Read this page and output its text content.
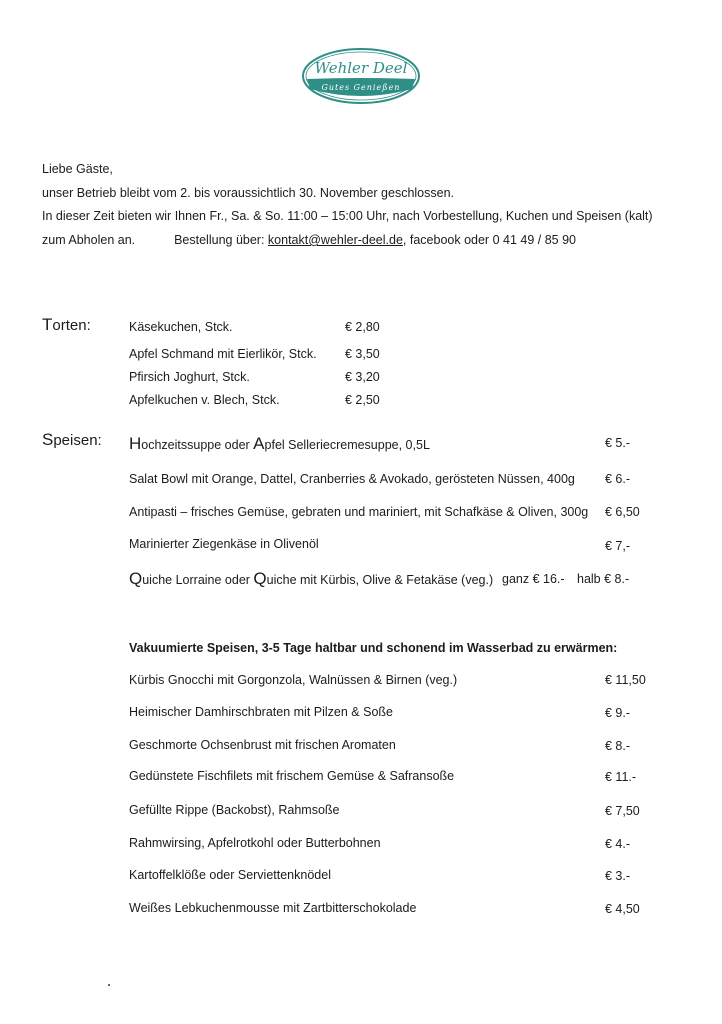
Wehler Deel
Gutes Genießen
Liebe Gäste,
unser Betrieb bleibt vom 2. bis voraussichtlich 30. November geschlossen.
In dieser Zeit bieten wir Ihnen Fr., Sa. & So. 11:00 – 15:00 Uhr, nach Vorbestellung, Kuchen und Speisen (kalt)
zum Abholen an.	Bestellung über: kontakt@wehler-deel.de, facebook oder 0 41 49 / 85 90
Torten:	Käsekuchen, Stck.	€ 2,80
Apfel Schmand mit Eierlikör, Stck. € 3,50
Pfirsich Joghurt, Stck.	€ 3,20
Apfelkuchen v. Blech, Stck.	€ 2,50
Speisen: Hochzeitssuppe oder Apfel Selleriecremesuppe, 0,5L	€ 5.-
Salat Bowl mit Orange, Dattel, Cranberries & Avokado, gerösteten Nüssen, 400g € 6.-
Antipasti – frisches Gemüse, gebraten und mariniert, mit Schafkäse & Oliven, 300g € 6,50
Marinierter Ziegenkäse in Olivenöl	€ 7,-
Quiche Lorraine oder Quiche mit Kürbis, Olive & Fetakäse (veg.) ganz € 16.- halb € 8.-
Vakuumierte Speisen, 3-5 Tage haltbar und schonend im Wasserbad zu erwärmen:
Kürbis Gnocchi mit Gorgonzola, Walnüssen & Birnen (veg.)	€ 11,50
Heimischer Damhirschbraten mit Pilzen & Soße	€ 9.-
Geschmorte Ochsenbrust mit frischen Aromaten	€ 8.-
Gedünstete Fischfilets mit frischem Gemüse & Safransoße	€ 11.-
Gefüllte Rippe (Backobst), Rahmsoße	€ 7,50
Rahmwirsing, Apfelrotkohl oder Butterbohnen	€ 4.-
Kartoffelklöße oder Serviettenknödel	€ 3.-
Weißes Lebkuchenmousse mit Zartbitterschokolade	€ 4,50
